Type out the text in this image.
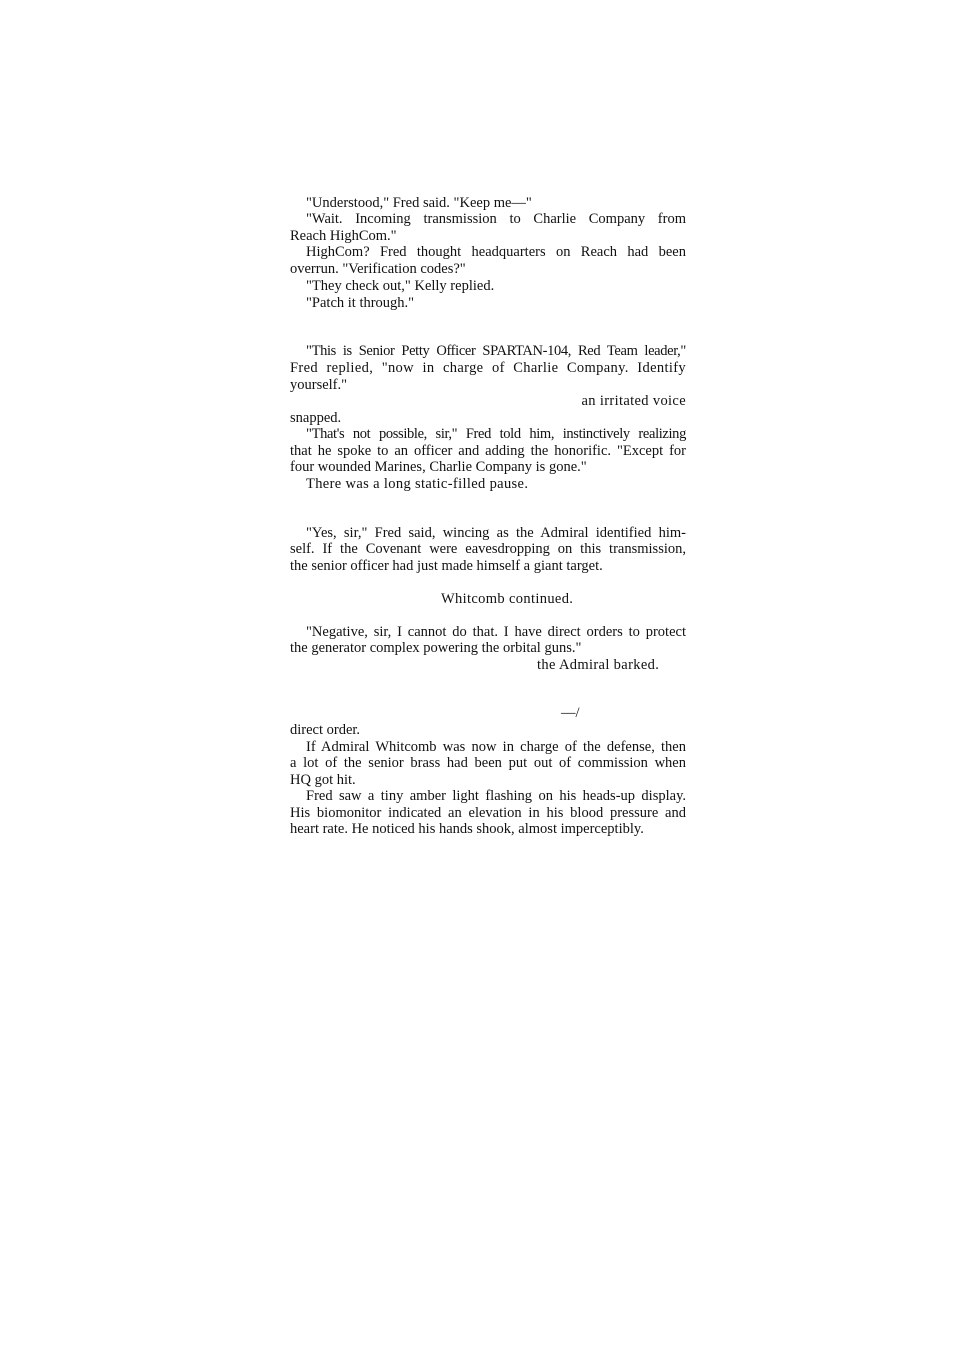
"Understood," Fred said. "Keep me—"
"Wait. Incoming transmission to Charlie Company from
Reach HighCom."
HighCom? Fred thought headquarters on Reach had been
overrun. "Verification codes?"
"They check out," Kelly replied.
"Patch it through."
"This is Senior Petty Officer SPARTAN-104, Red Team leader,"
Fred replied, "now in charge of Charlie Company. Identify
yourself."
an irritated voice
snapped.
"That's not possible, sir," Fred told him, instinctively realizing
that he spoke to an officer and adding the honorific. "Except for
four wounded Marines, Charlie Company is gone."
There was a long static-filled pause.
"Yes, sir," Fred said, wincing as the Admiral identified him-
self. If the Covenant were eavesdropping on this transmission,
the senior officer had just made himself a giant target.
Whitcomb continued.
"Negative, sir, I cannot do that. I have direct orders to protect
the generator complex powering the orbital guns."
the Admiral barked.
—/
direct order.
If Admiral Whitcomb was now in charge of the defense, then
a lot of the senior brass had been put out of commission when
HQ got hit.
Fred saw a tiny amber light flashing on his heads-up display.
His biomonitor indicated an elevation in his blood pressure and
heart rate. He noticed his hands shook, almost imperceptibly.
